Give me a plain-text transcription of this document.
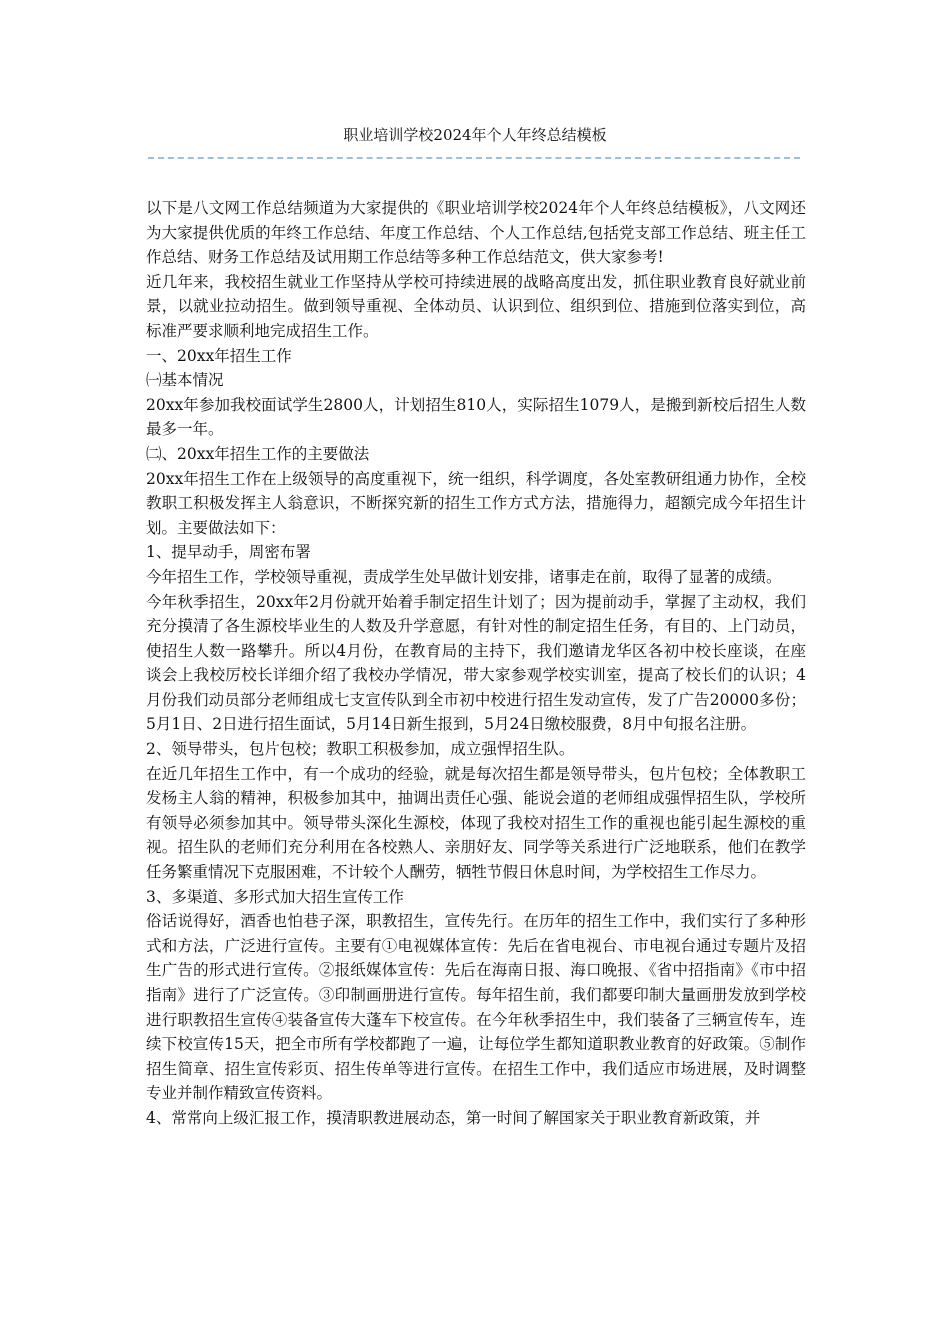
职业培训学校2024年个人年终总结模板

以下是八文网工作总结频道为大家提供的《职业培训学校2024年个人年终总结模板》，八文网还为大家提供优质的年终工作总结、年度工作总结、个人工作总结,包括党支部工作总结、班主任工作总结、财务工作总结及试用期工作总结等多种工作总结范文，供大家参考!

近几年来，我校招生就业工作坚持从学校可持续进展的战略高度出发，抓住职业教育良好就业前景，以就业拉动招生。做到领导重视、全体动员、认识到位、组织到位、措施到位落实到位，高标准严要求顺利地完成招生工作。

一、20xx年招生工作

㈠基本情况

20xx年参加我校面试学生2800人，计划招生810人，实际招生1079人，是搬到新校后招生人数最多一年。

㈡、20xx年招生工作的主要做法

20xx年招生工作在上级领导的高度重视下，统一组织，科学调度，各处室教研组通力协作，全校教职工积极发挥主人翁意识，不断探究新的招生工作方式方法，措施得力，超额完成今年招生计划。主要做法如下：

1、提早动手，周密布署

今年招生工作，学校领导重视，责成学生处早做计划安排，诸事走在前，取得了显著的成绩。

今年秋季招生，20xx年2月份就开始着手制定招生计划了；因为提前动手，掌握了主动权，我们充分摸清了各生源校毕业生的人数及升学意愿，有针对性的制定招生任务，有目的、上门动员，使招生人数一路攀升。所以4月份，在教育局的主持下，我们邀请龙华区各初中校长座谈，在座谈会上我校厉校长详细介绍了我校办学情况，带大家参观学校实训室，提高了校长们的认识；4月份我们动员部分老师组成七支宣传队到全市初中校进行招生发动宣传，发了广告20000多份；5月1日、2日进行招生面试，5月14日新生报到，5月24日缴校服费，8月中旬报名注册。

2、领导带头，包片包校；教职工积极参加，成立强悍招生队。

在近几年招生工作中，有一个成功的经验，就是每次招生都是领导带头，包片包校；全体教职工发杨主人翁的精神，积极参加其中，抽调出责任心强、能说会道的老师组成强悍招生队，学校所有领导必须参加其中。领导带头深化生源校，体现了我校对招生工作的重视也能引起生源校的重视。招生队的老师们充分利用在各校熟人、亲朋好友、同学等关系进行广泛地联系，他们在教学任务繁重情况下克服困难，不计较个人酬劳，牺牲节假日休息时间，为学校招生工作尽力。

3、多渠道、多形式加大招生宣传工作

俗话说得好，酒香也怕巷子深，职教招生，宣传先行。在历年的招生工作中，我们实行了多种形式和方法，广泛进行宣传。主要有①电视媒体宣传：先后在省电视台、市电视台通过专题片及招生广告的形式进行宣传。②报纸媒体宣传：先后在海南日报、海口晚报、《省中招指南》《市中招指南》进行了广泛宣传。③印制画册进行宣传。每年招生前，我们都要印制大量画册发放到学校进行职教招生宣传④装备宣传大蓬车下校宣传。在今年秋季招生中，我们装备了三辆宣传车，连续下校宣传15天，把全市所有学校都跑了一遍，让每位学生都知道职教业教育的好政策。⑤制作招生简章、招生宣传彩页、招生传单等进行宣传。在招生工作中，我们适应市场进展，及时调整专业并制作精致宣传资料。

4、常常向上级汇报工作，摸清职教进展动态，第一时间了解国家关于职业教育新政策，并
